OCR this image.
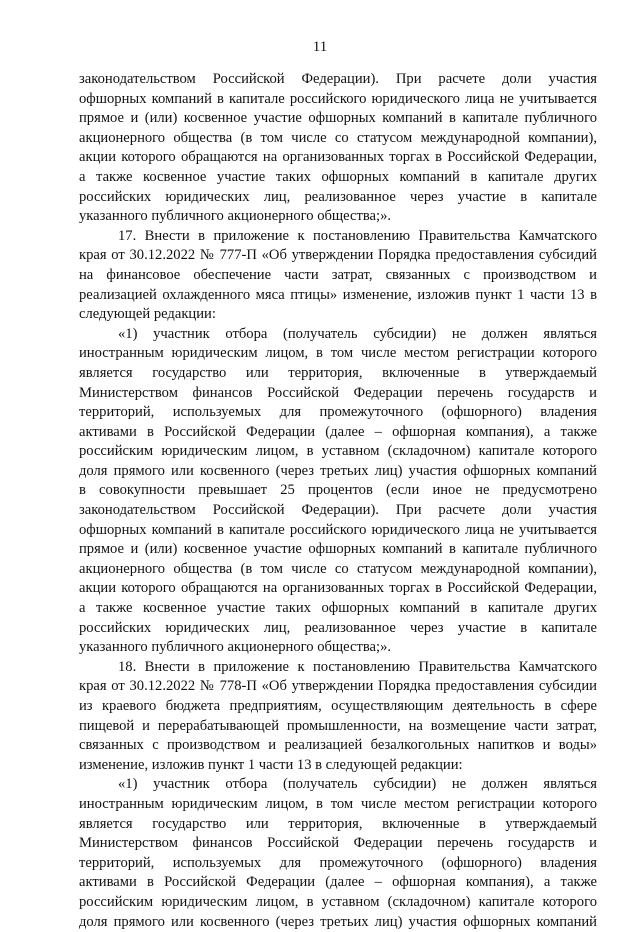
11
законодательством Российской Федерации). При расчете доли участия
офшорных компаний в капитале российского юридического лица не учитывается
прямое и (или) косвенное участие офшорных компаний в капитале публичного
акционерного общества (в том числе со статусом международной компании),
акции которого обращаются на организованных торгах в Российской Федерации,
а также косвенное участие таких офшорных компаний в капитале других
российских юридических лиц, реализованное через участие в капитале
указанного публичного акционерного общества;».
17. Внести в приложение к постановлению Правительства Камчатского
края от 30.12.2022 № 777-П «Об утверждении Порядка предоставления субсидий
на финансовое обеспечение части затрат, связанных с производством и
реализацией охлажденного мяса птицы» изменение, изложив пункт 1 части 13 в
следующей редакции:
«1) участник отбора (получатель субсидии) не должен являться
иностранным юридическим лицом, в том числе местом регистрации которого
является государство или территория, включенные в утверждаемый
Министерством финансов Российской Федерации перечень государств и
территорий, используемых для промежуточного (офшорного) владения
активами в Российской Федерации (далее – офшорная компания), а также
российским юридическим лицом, в уставном (складочном) капитале которого
доля прямого или косвенного (через третьих лиц) участия офшорных компаний
в совокупности превышает 25 процентов (если иное не предусмотрено
законодательством Российской Федерации). При расчете доли участия
офшорных компаний в капитале российского юридического лица не учитывается
прямое и (или) косвенное участие офшорных компаний в капитале публичного
акционерного общества (в том числе со статусом международной компании),
акции которого обращаются на организованных торгах в Российской Федерации,
а также косвенное участие таких офшорных компаний в капитале других
российских юридических лиц, реализованное через участие в капитале
указанного публичного акционерного общества;».
18. Внести в приложение к постановлению Правительства Камчатского
края от 30.12.2022 № 778-П «Об утверждении Порядка предоставления субсидии
из краевого бюджета предприятиям, осуществляющим деятельность в сфере
пищевой и перерабатывающей промышленности, на возмещение части затрат,
связанных с производством и реализацией безалкогольных напитков и воды»
изменение, изложив пункт 1 части 13 в следующей редакции:
«1) участник отбора (получатель субсидии) не должен являться
иностранным юридическим лицом, в том числе местом регистрации которого
является государство или территория, включенные в утверждаемый
Министерством финансов Российской Федерации перечень государств и
территорий, используемых для промежуточного (офшорного) владения
активами в Российской Федерации (далее – офшорная компания), а также
российским юридическим лицом, в уставном (складочном) капитале которого
доля прямого или косвенного (через третьих лиц) участия офшорных компаний
